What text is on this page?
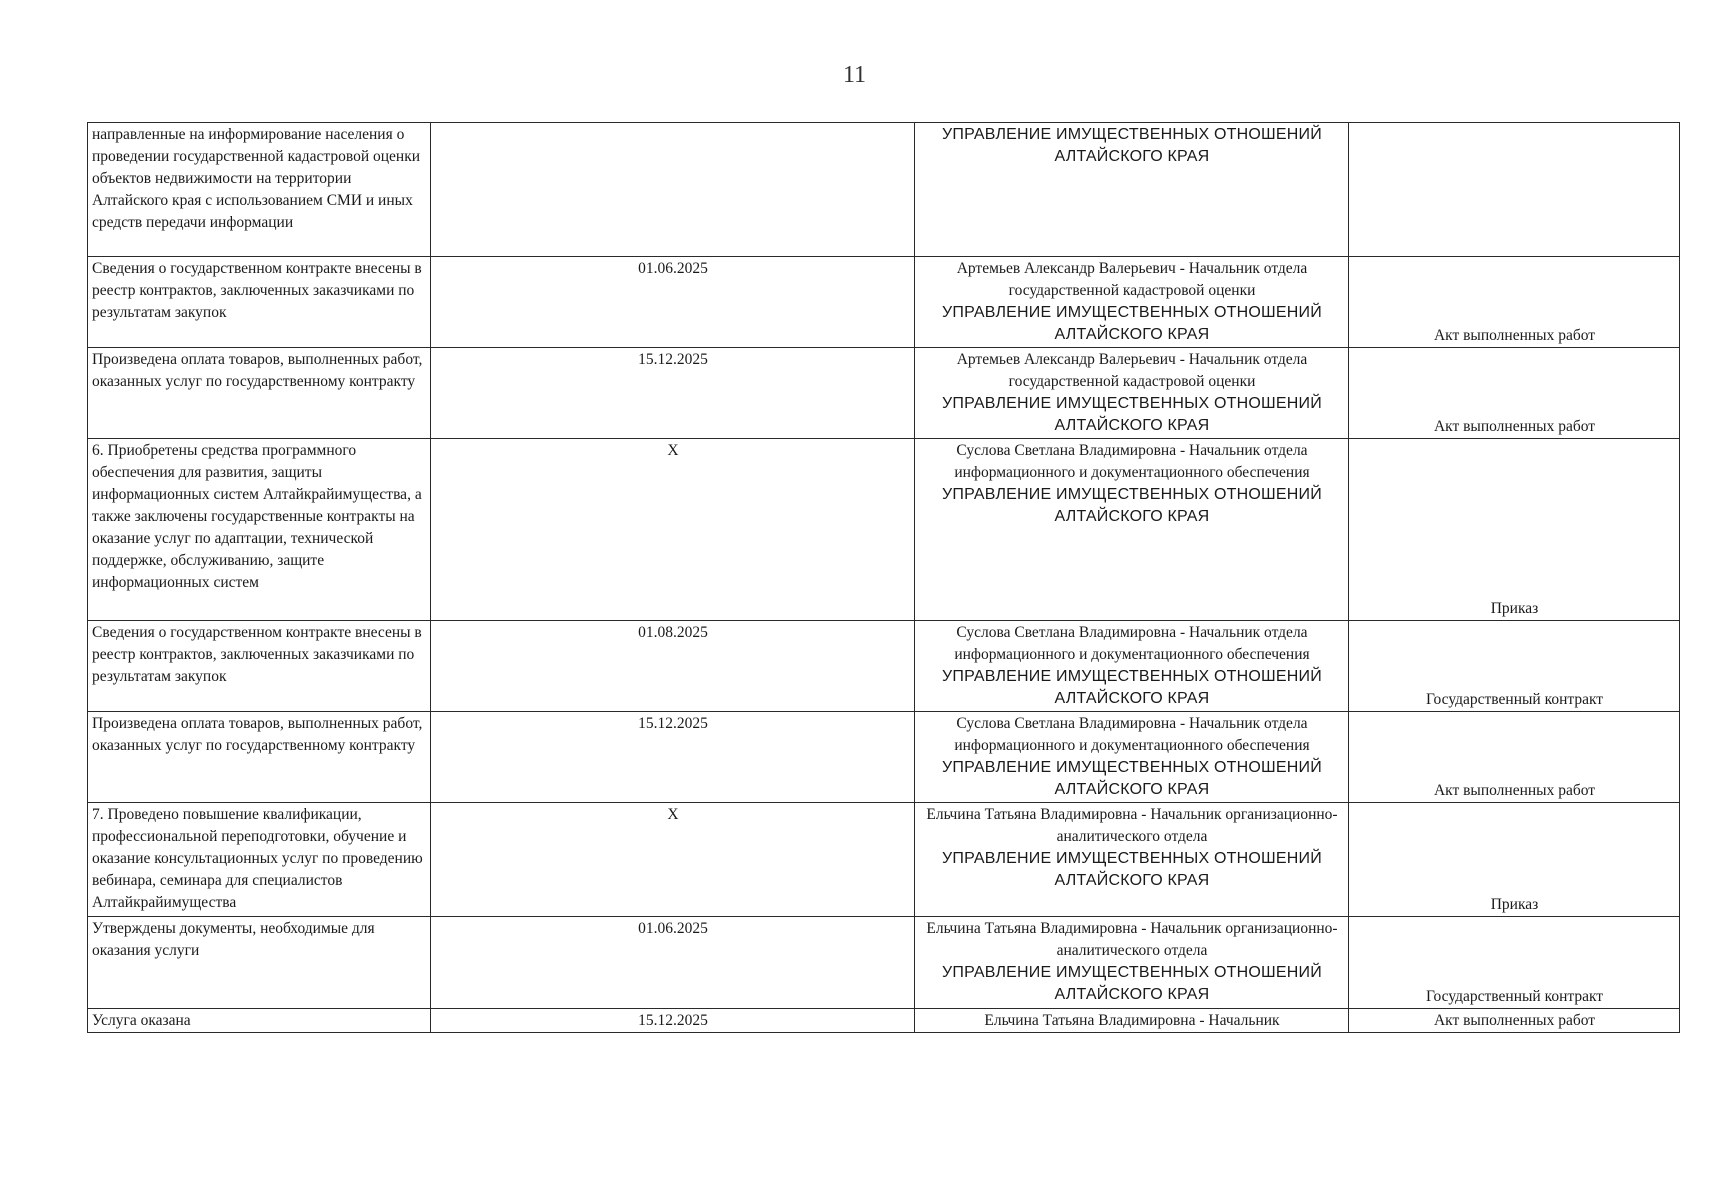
11
направленные на информирование населения о проведении государственной кадастровой оценки объектов недвижимости на территории Алтайского края с использованием СМИ и иных средств передачи информации		УПРАВЛЕНИЕ ИМУЩЕСТВЕННЫХ ОТНОШЕНИЙ АЛТАЙСКОГО КРАЯ	

Сведения о государственном контракте внесены в реестр контрактов, заключенных заказчиками по результатам закупок	01.06.2025	Артемьев Александр Валерьевич - Начальник отдела государственной кадастровой оценки
УПРАВЛЕНИЕ ИМУЩЕСТВЕННЫХ ОТНОШЕНИЙ АЛТАЙСКОГО КРАЯ	Акт выполненных работ
Произведена оплата товаров, выполненных работ, оказанных услуг по государственному контракту	15.12.2025	Артемьев Александр Валерьевич - Начальник отдела государственной кадастровой оценки
УПРАВЛЕНИЕ ИМУЩЕСТВЕННЫХ ОТНОШЕНИЙ АЛТАЙСКОГО КРАЯ	Акт выполненных работ
6. Приобретены средства программного обеспечения для развития, защиты информационных систем Алтайкрайимущества, а также заключены государственные контракты на оказание услуг по адаптации, технической поддержке, обслуживанию, защите информационных систем	X	Суслова Светлана Владимировна - Начальник отдела информационного и документационного обеспечения
УПРАВЛЕНИЕ ИМУЩЕСТВЕННЫХ ОТНОШЕНИЙ АЛТАЙСКОГО КРАЯ	Приказ
Сведения о государственном контракте внесены в реестр контрактов, заключенных заказчиками по результатам закупок	01.08.2025	Суслова Светлана Владимировна - Начальник отдела информационного и документационного обеспечения
УПРАВЛЕНИЕ ИМУЩЕСТВЕННЫХ ОТНОШЕНИЙ АЛТАЙСКОГО КРАЯ	Государственный контракт
Произведена оплата товаров, выполненных работ, оказанных услуг по государственному контракту	15.12.2025	Суслова Светлана Владимировна - Начальник отдела информационного и документационного обеспечения
УПРАВЛЕНИЕ ИМУЩЕСТВЕННЫХ ОТНОШЕНИЙ АЛТАЙСКОГО КРАЯ	Акт выполненных работ
7. Проведено повышение квалификации, профессиональной переподготовки, обучение и оказание консультационных услуг по проведению вебинара, семинара для специалистов Алтайкрайимущества	X	Ельчина Татьяна Владимировна - Начальник организационно-аналитического отдела
УПРАВЛЕНИЕ ИМУЩЕСТВЕННЫХ ОТНОШЕНИЙ АЛТАЙСКОГО КРАЯ	Приказ
Утверждены документы, необходимые для оказания услуги	01.06.2025	Ельчина Татьяна Владимировна - Начальник организационно-аналитического отдела
УПРАВЛЕНИЕ ИМУЩЕСТВЕННЫХ ОТНОШЕНИЙ АЛТАЙСКОГО КРАЯ	Государственный контракт
Услуга оказана	15.12.2025	Ельчина Татьяна Владимировна - Начальник	Акт выполненных работ
